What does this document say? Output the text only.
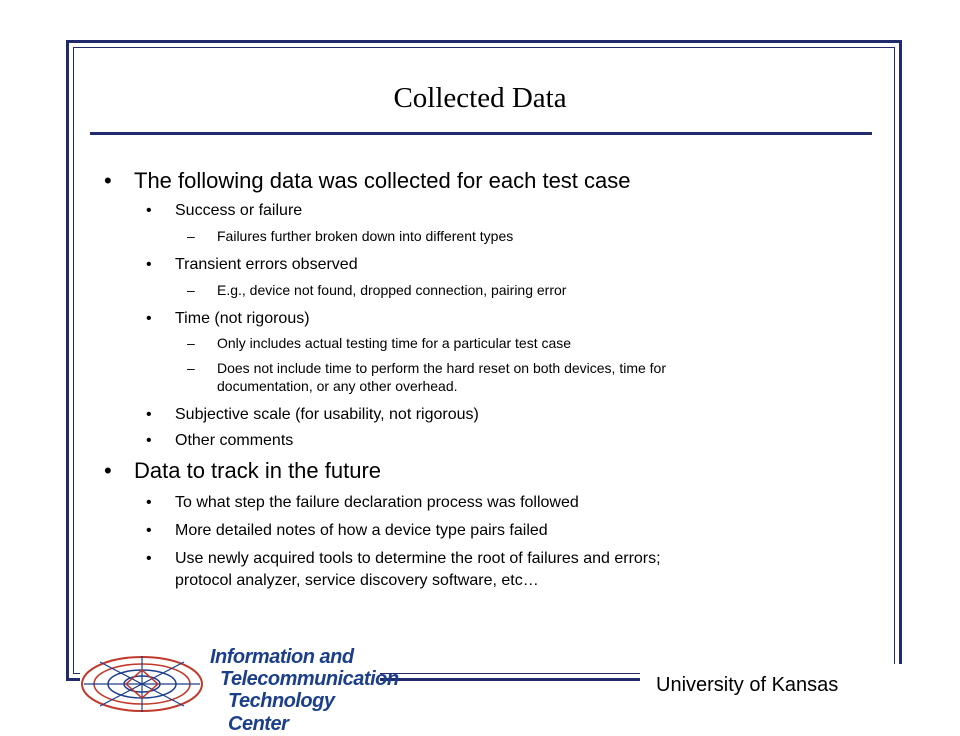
Collected Data
• The following data was collected for each test case
• Success or failure
– Failures further broken down into different types
• Transient errors observed
– E.g., device not found, dropped connection, pairing error
• Time (not rigorous)
– Only includes actual testing time for a particular test case
– Does not include time to perform the hard reset on both devices, time for
documentation, or any other overhead.
• Subjective scale (for usability, not rigorous)
• Other comments
• Data to track in the future
• To what step the failure declaration process was followed
• More detailed notes of how a device type pairs failed
• Use newly acquired tools to determine the root of failures and errors;
protocol analyzer, service discovery software, etc…
Information and
Telecommunication
Technology Center
University of Kansas
